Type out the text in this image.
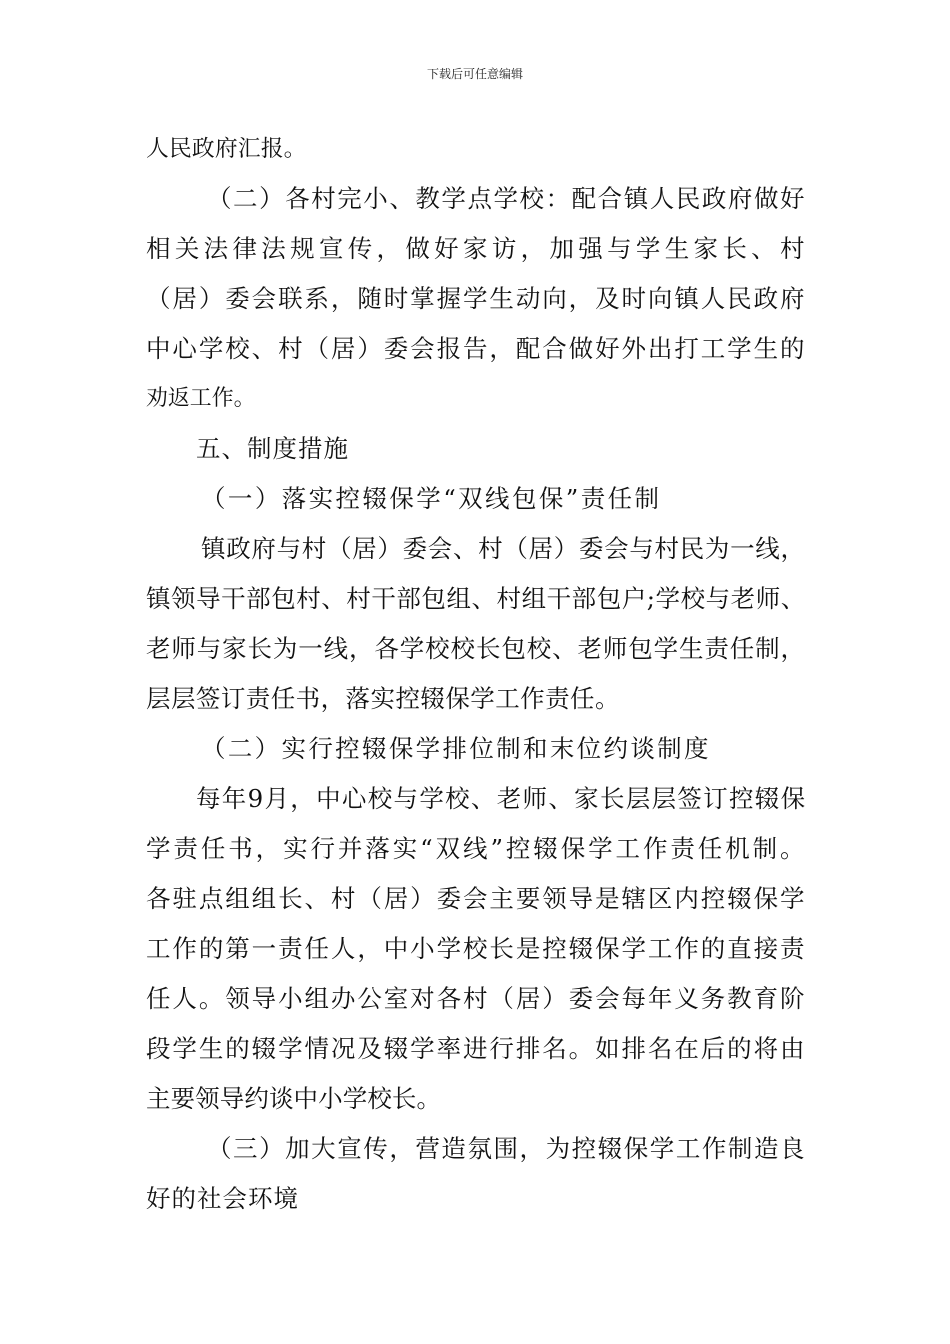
下载后可任意编辑
人民政府汇报。
（二）各村完小、教学点学校：配合镇人民政府做好
相关法律法规宣传，做好家访，加强与学生家长、村
（居）委会联系，随时掌握学生动向，及时向镇人民政府
中心学校、村（居）委会报告，配合做好外出打工学生的
劝返工作。
五、制度措施
（一）落实控辍保学“双线包保”责任制
镇政府与村（居）委会、村（居）委会与村民为一线，
镇领导干部包村、村干部包组、村组干部包户;学校与老师、
老师与家长为一线，各学校校长包校、老师包学生责任制，
层层签订责任书，落实控辍保学工作责任。
（二）实行控辍保学排位制和末位约谈制度
每年9月，中心校与学校、老师、家长层层签订控辍保
学责任书，实行并落实“双线”控辍保学工作责任机制。
各驻点组组长、村（居）委会主要领导是辖区内控辍保学
工作的第一责任人，中小学校长是控辍保学工作的直接责
任人。领导小组办公室对各村（居）委会每年义务教育阶
段学生的辍学情况及辍学率进行排名。如排名在后的将由
主要领导约谈中小学校长。
（三）加大宣传，营造氛围，为控辍保学工作制造良
好的社会环境
